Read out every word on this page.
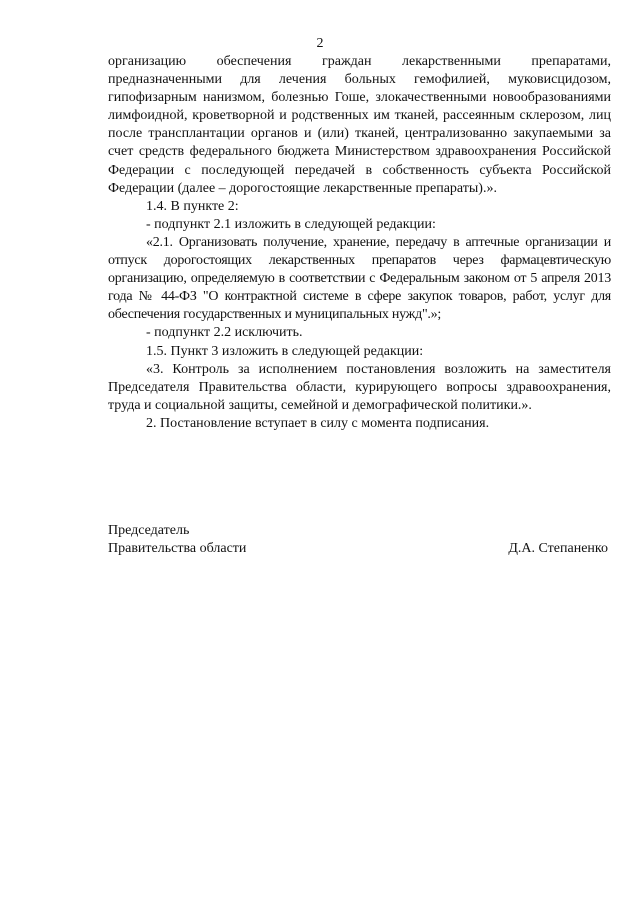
2

организацию обеспечения граждан лекарственными препаратами, предназначенными для лечения больных гемофилией, муковисцидозом, гипофизарным нанизмом, болезнью Гоше, злокачественными новообразованиями лимфоидной, кроветворной и родственных им тканей, рассеянным склерозом, лиц после трансплантации органов и (или) тканей, централизованно закупаемыми за счет средств федерального бюджета Министерством здравоохранения Российской Федерации с последующей передачей в собственность субъекта Российской Федерации (далее – дорогостоящие лекарственные препараты).».

1.4. В пункте 2:

- подпункт 2.1 изложить в следующей редакции:

«2.1. Организовать получение, хранение, передачу в аптечные организации и отпуск дорогостоящих лекарственных препаратов через фармацевтическую организацию, определяемую в соответствии с Федеральным законом от 5 апреля 2013 года № 44-ФЗ "О контрактной системе в сфере закупок товаров, работ, услуг для обеспечения государственных и муниципальных нужд".»;

- подпункт 2.2 исключить.

1.5. Пункт 3 изложить в следующей редакции:

«3. Контроль за исполнением постановления возложить на заместителя Председателя Правительства области, курирующего вопросы здравоохранения, труда и социальной защиты, семейной и демографической политики.».

2. Постановление вступает в силу с момента подписания.

Председатель
Правительства области	Д.А. Степаненко
